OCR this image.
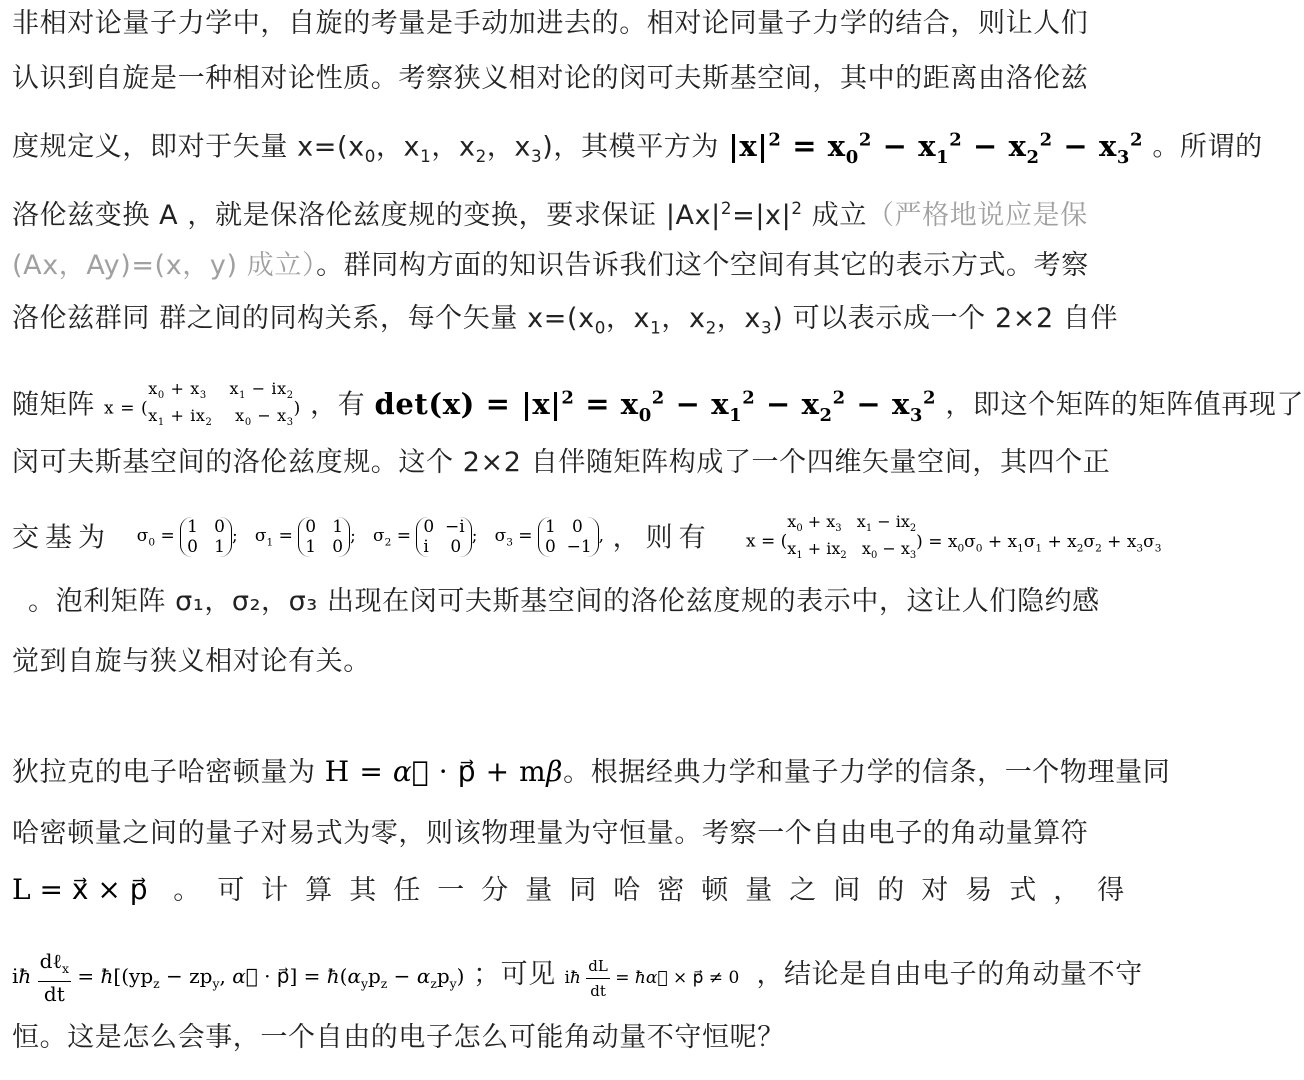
非相对论量子力学中，自旋的考量是手动加进去的。相对论同量子力学的结合，则让人们
认识到自旋是一种相对论性质。考察狭义相对论的闵可夫斯基空间，其中的距离由洛伦兹
度规定义，即对于矢量 $x=(x_0$，$x_1$，$x_2$，$x_3$)，其模平方为 $|x|^2 = x_0^2 - x_1^2 - x_2^2 - x_3^2$ 。所谓的
洛伦兹变换 A ，就是保洛伦兹度规的变换，要求保证 $|Ax|^2=|x|^2$ 成立（严格地说应是保
(Ax，Ay)=(x，y) 成立）。群同构方面的知识告诉我们这个空间有其它的表示方式。考察
洛伦兹群同 群之间的同构关系，每个矢量 $x=(x_0$，$x_1$，$x_2$，$x_3$) 可以表示成一个 2×2 自伴
随矩阵 x = (
$x_0 + x_3$    $x_1 - ix_2$
$x_1 + ix_2$    $x_0 - x_3$
) ，有 $\det(x) = |x|^2 = x_0^2 - x_1^2 - x_2^2 - x_3^2$ ，即这个矩阵的矩阵值再现了
闵可夫斯基空间的洛伦兹度规。这个 2×2 自伴随矩阵构成了一个四维矢量空间，其四个正
交基为 $\sigma_0 = 1$   0
0   1
; $\sigma_1 = 0$   1
1   0
; $\sigma_2 = 0 -i$
i    0
; $\sigma_3 = 1$   0
0  −1
, ，则有 x = (
$x_0 + x_3$   $x_1 - ix_2$
$x_1 + ix_2$   $x_0 - x_3$
) = $x_0\sigma_0 + x_1\sigma_1 + x_2\sigma_2 + x_3\sigma_3$
。泡利矩阵 σ₁，σ₂，σ₃ 出现在闵可夫斯基空间的洛伦兹度规的表示中，这让人们隐约感
觉到自旋与狭义相对论有关。
狄拉克的电子哈密顿量为 H = α⃗ · p⃗ + mβ。根据经典力学和量子力学的信条，一个物理量同
哈密顿量之间的量子对易式为零，则该物理量为守恒量。考察一个自由电子的角动量算符
L = x⃗ × p⃗ 。可计算其任一分量同哈密顿量之间的对易式，得
iħ $\frac{d\ell_x}{dt}$ = $ħ[(yp_z - zp_y$, α⃗ · p⃗] = $ħ(\alpha_yp_z - \alpha_zp_y)$ ；可见 iħ $\frac{dL}{dt}$ = ħα⃗ × p⃗ ≠ 0 ，结论是自由电子的角动量不守
恒。这是怎么会事，一个自由的电子怎么可能角动量不守恒呢？
